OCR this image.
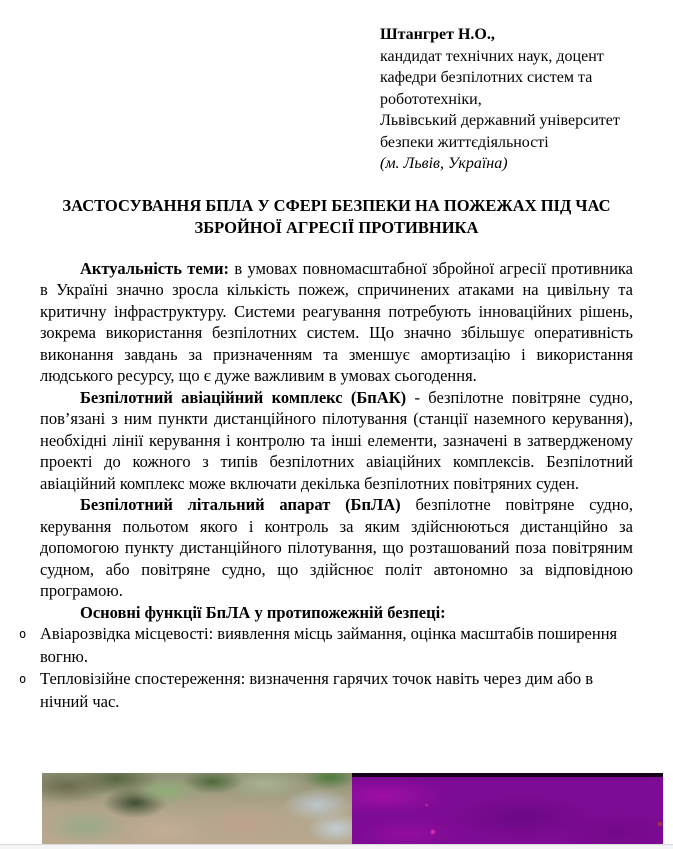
Штангрет Н.О.,
кандидат технічних наук, доцент
кафедри безпілотних систем та
робототехніки,
Львівський державний університет
безпеки життєдіяльності
(м. Львів, Україна)
ЗАСТОСУВАННЯ БПЛА У СФЕРІ БЕЗПЕКИ НА ПОЖЕЖАХ ПІД ЧАС ЗБРОЙНОЇ АГРЕСІЇ ПРОТИВНИКА

Актуальність теми: в умовах повномасштабної збройної агресії противника в Україні значно зросла кількість пожеж, спричинених атаками на цивільну та критичну інфраструктуру. Системи реагування потребують інноваційних рішень, зокрема використання безпілотних систем. Що значно збільшує оперативність виконання завдань за призначенням та зменшує амортизацію і використання людського ресурсу, що є дуже важливим в умовах сьогодення.

Безпілотний авіаційний комплекс (БпАК) - безпілотне повітряне судно, пов’язані з ним пункти дистанційного пілотування (станції наземного керування), необхідні лінії керування і контролю та інші елементи, зазначені в затвердженому проекті до кожного з типів безпілотних авіаційних комплексів. Безпілотний авіаційний комплекс може включати декілька безпілотних повітряних суден.

Безпілотний літальний апарат (БпЛА) безпілотне повітряне судно, керування польотом якого і контроль за яким здійснюються дистанційно за допомогою пункту дистанційного пілотування, що розташований поза повітряним судном, або повітряне судно, що здійснює політ автономно за відповідною програмою.

Основні функції БпЛА у протипожежній безпеці:

o Авіарозвідка місцевості: виявлення місць займання, оцінка масштабів поширення вогню.
o Тепловізійне спостереження: визначення гарячих точок навіть через дим або в нічний час.
